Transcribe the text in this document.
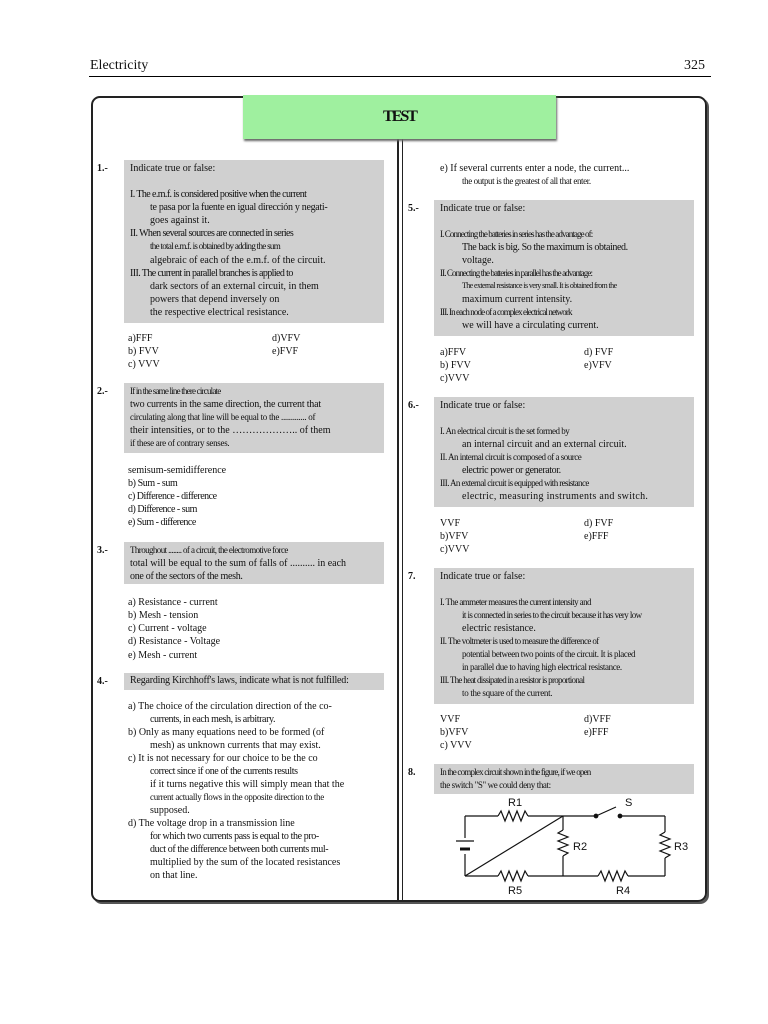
Electricity	325
TEST
1.- Indicate true or false:
I. The e.m.f. is considered positive when the current
te pasa por la fuente en igual dirección y negati-
goes against it.
II. When several sources are connected in series
the total e.m.f. is obtained by adding the sum
algebraic of each of the e.m.f. of the circuit.
III. The current in parallel branches is applied to
dark sectors of an external circuit, in them
powers that depend inversely on
the respective electrical resistance.
a)FFF	d)VFV
b) FVV	e)FVF
c) VVV
2.- If in the same line there circulate
two currents in the same direction, the current that
circulating along that line will be equal to the ............. of
their intensities, or to the ……………….. of them
if these are of contrary senses.
semisum-semidifference
b) Sum - sum
c) Difference - difference
d) Difference - sum
e) Sum - difference
3.- Throughout ........ of a circuit, the electromotive force
total will be equal to the sum of falls of .......... in each
one of the sectors of the mesh.
a) Resistance - current
b) Mesh - tension
c) Current - voltage
d) Resistance - Voltage
e) Mesh - current
4.- Regarding Kirchhoff's laws, indicate what is not fulfilled:
a) The choice of the circulation direction of the co-
currents, in each mesh, is arbitrary.
b) Only as many equations need to be formed (of
mesh) as unknown currents that may exist.
c) It is not necessary for our choice to be the co
correct since if one of the currents results
if it turns negative this will simply mean that the
current actually flows in the opposite direction to the
supposed.
d) The voltage drop in a transmission line
for which two currents pass is equal to the pro-
duct of the difference between both currents mul-
multiplied by the sum of the located resistances
on that line.
e) If several currents enter a node, the current...
the output is the greatest of all that enter.
5.- Indicate true or false:
I. Connecting the batteries in series has the advantage of:
The back is big. So the maximum is obtained.
voltage.
II. Connecting the batteries in parallel has the advantage:
The external resistance is very small. It is obtained from the
maximum current intensity.
III. In each node of a complex electrical network
we will have a circulating current.
a)FFV	d) FVF
b) FVV	e)VFV
c)VVV
6.- Indicate true or false:
I. An electrical circuit is the set formed by
an internal circuit and an external circuit.
II. An internal circuit is composed of a source
electric power or generator.
III. An external circuit is equipped with resistance
electric, measuring instruments and switch.
VVF	d) FVF
b)VFV	e)FFF
c)VVV
7. Indicate true or false:
I. The ammeter measures the current intensity and
it is connected in series to the circuit because it has very low
electric resistance.
II. The voltmeter is used to measure the difference of
potential between two points of the circuit. It is placed
in parallel due to having high electrical resistance.
III. The heat dissipated in a resistor is proportional
to the square of the current.
VVF	d)VFF
b)VFV	e)FFF
c) VVV
8.	In the complex circuit shown in the figure, if we open
the switch "S" we could deny that:
R1	S
R2	R3
R5	R4
